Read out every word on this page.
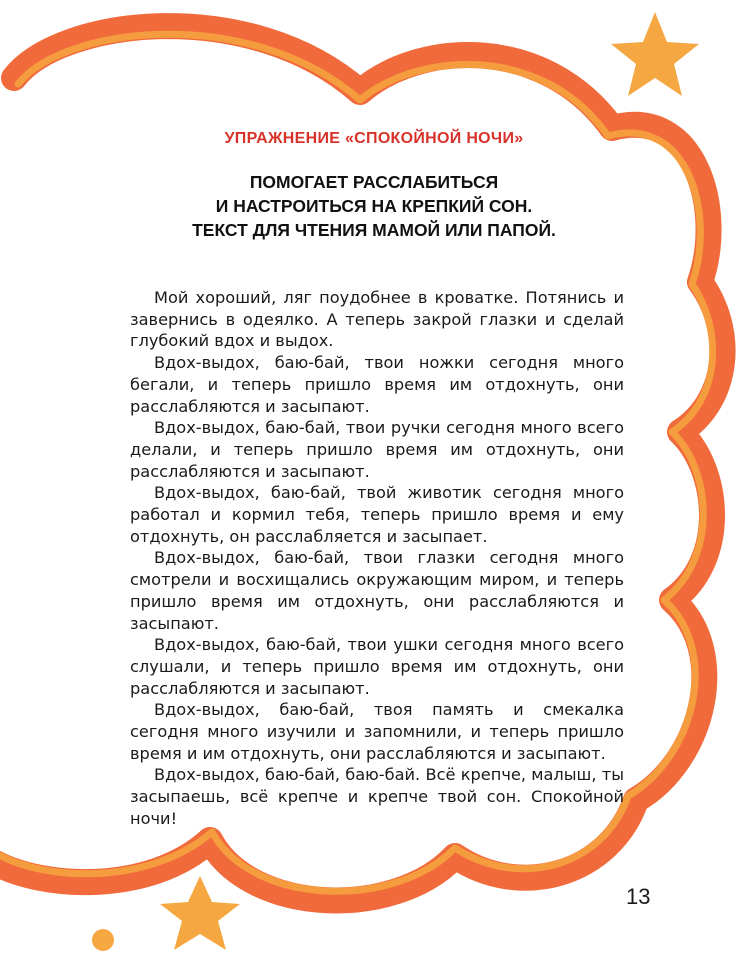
УПРАЖНЕНИЕ «СПОКОЙНОЙ НОЧИ»
ПОМОГАЕТ РАССЛАБИТЬСЯ
И НАСТРОИТЬСЯ НА КРЕПКИЙ СОН.
ТЕКСТ ДЛЯ ЧТЕНИЯ МАМОЙ ИЛИ ПАПОЙ.

Мой хороший, ляг поудобнее в кроватке. Потянись и завернись в одеялко. А теперь закрой глазки и сделай глубокий вдох и выдох.

Вдох-выдох, баю-бай, твои ножки сегодня много бегали, и теперь пришло время им отдохнуть, они расслабляются и засыпают.

Вдох-выдох, баю-бай, твои ручки сегодня много всего делали, и теперь пришло время им отдохнуть, они расслабляются и засыпают.

Вдох-выдох, баю-бай, твой животик сегодня много работал и кормил тебя, теперь пришло время и ему отдохнуть, он расслабляется и засыпает.

Вдох-выдох, баю-бай, твои глазки сегодня много смотрели и восхищались окружающим миром, и теперь пришло время им отдохнуть, они расслабляются и засыпают.

Вдох-выдох, баю-бай, твои ушки сегодня много всего слушали, и теперь пришло время им отдохнуть, они расслабляются и засыпают.

Вдох-выдох, баю-бай, твоя память и смекалка сегодня много изучили и запомнили, и теперь пришло время и им отдохнуть, они расслабляются и засыпают.

Вдох-выдох, баю-бай, баю-бай. Всё крепче, малыш, ты засыпаешь, всё крепче и крепче твой сон. Спокойной ночи!

13
